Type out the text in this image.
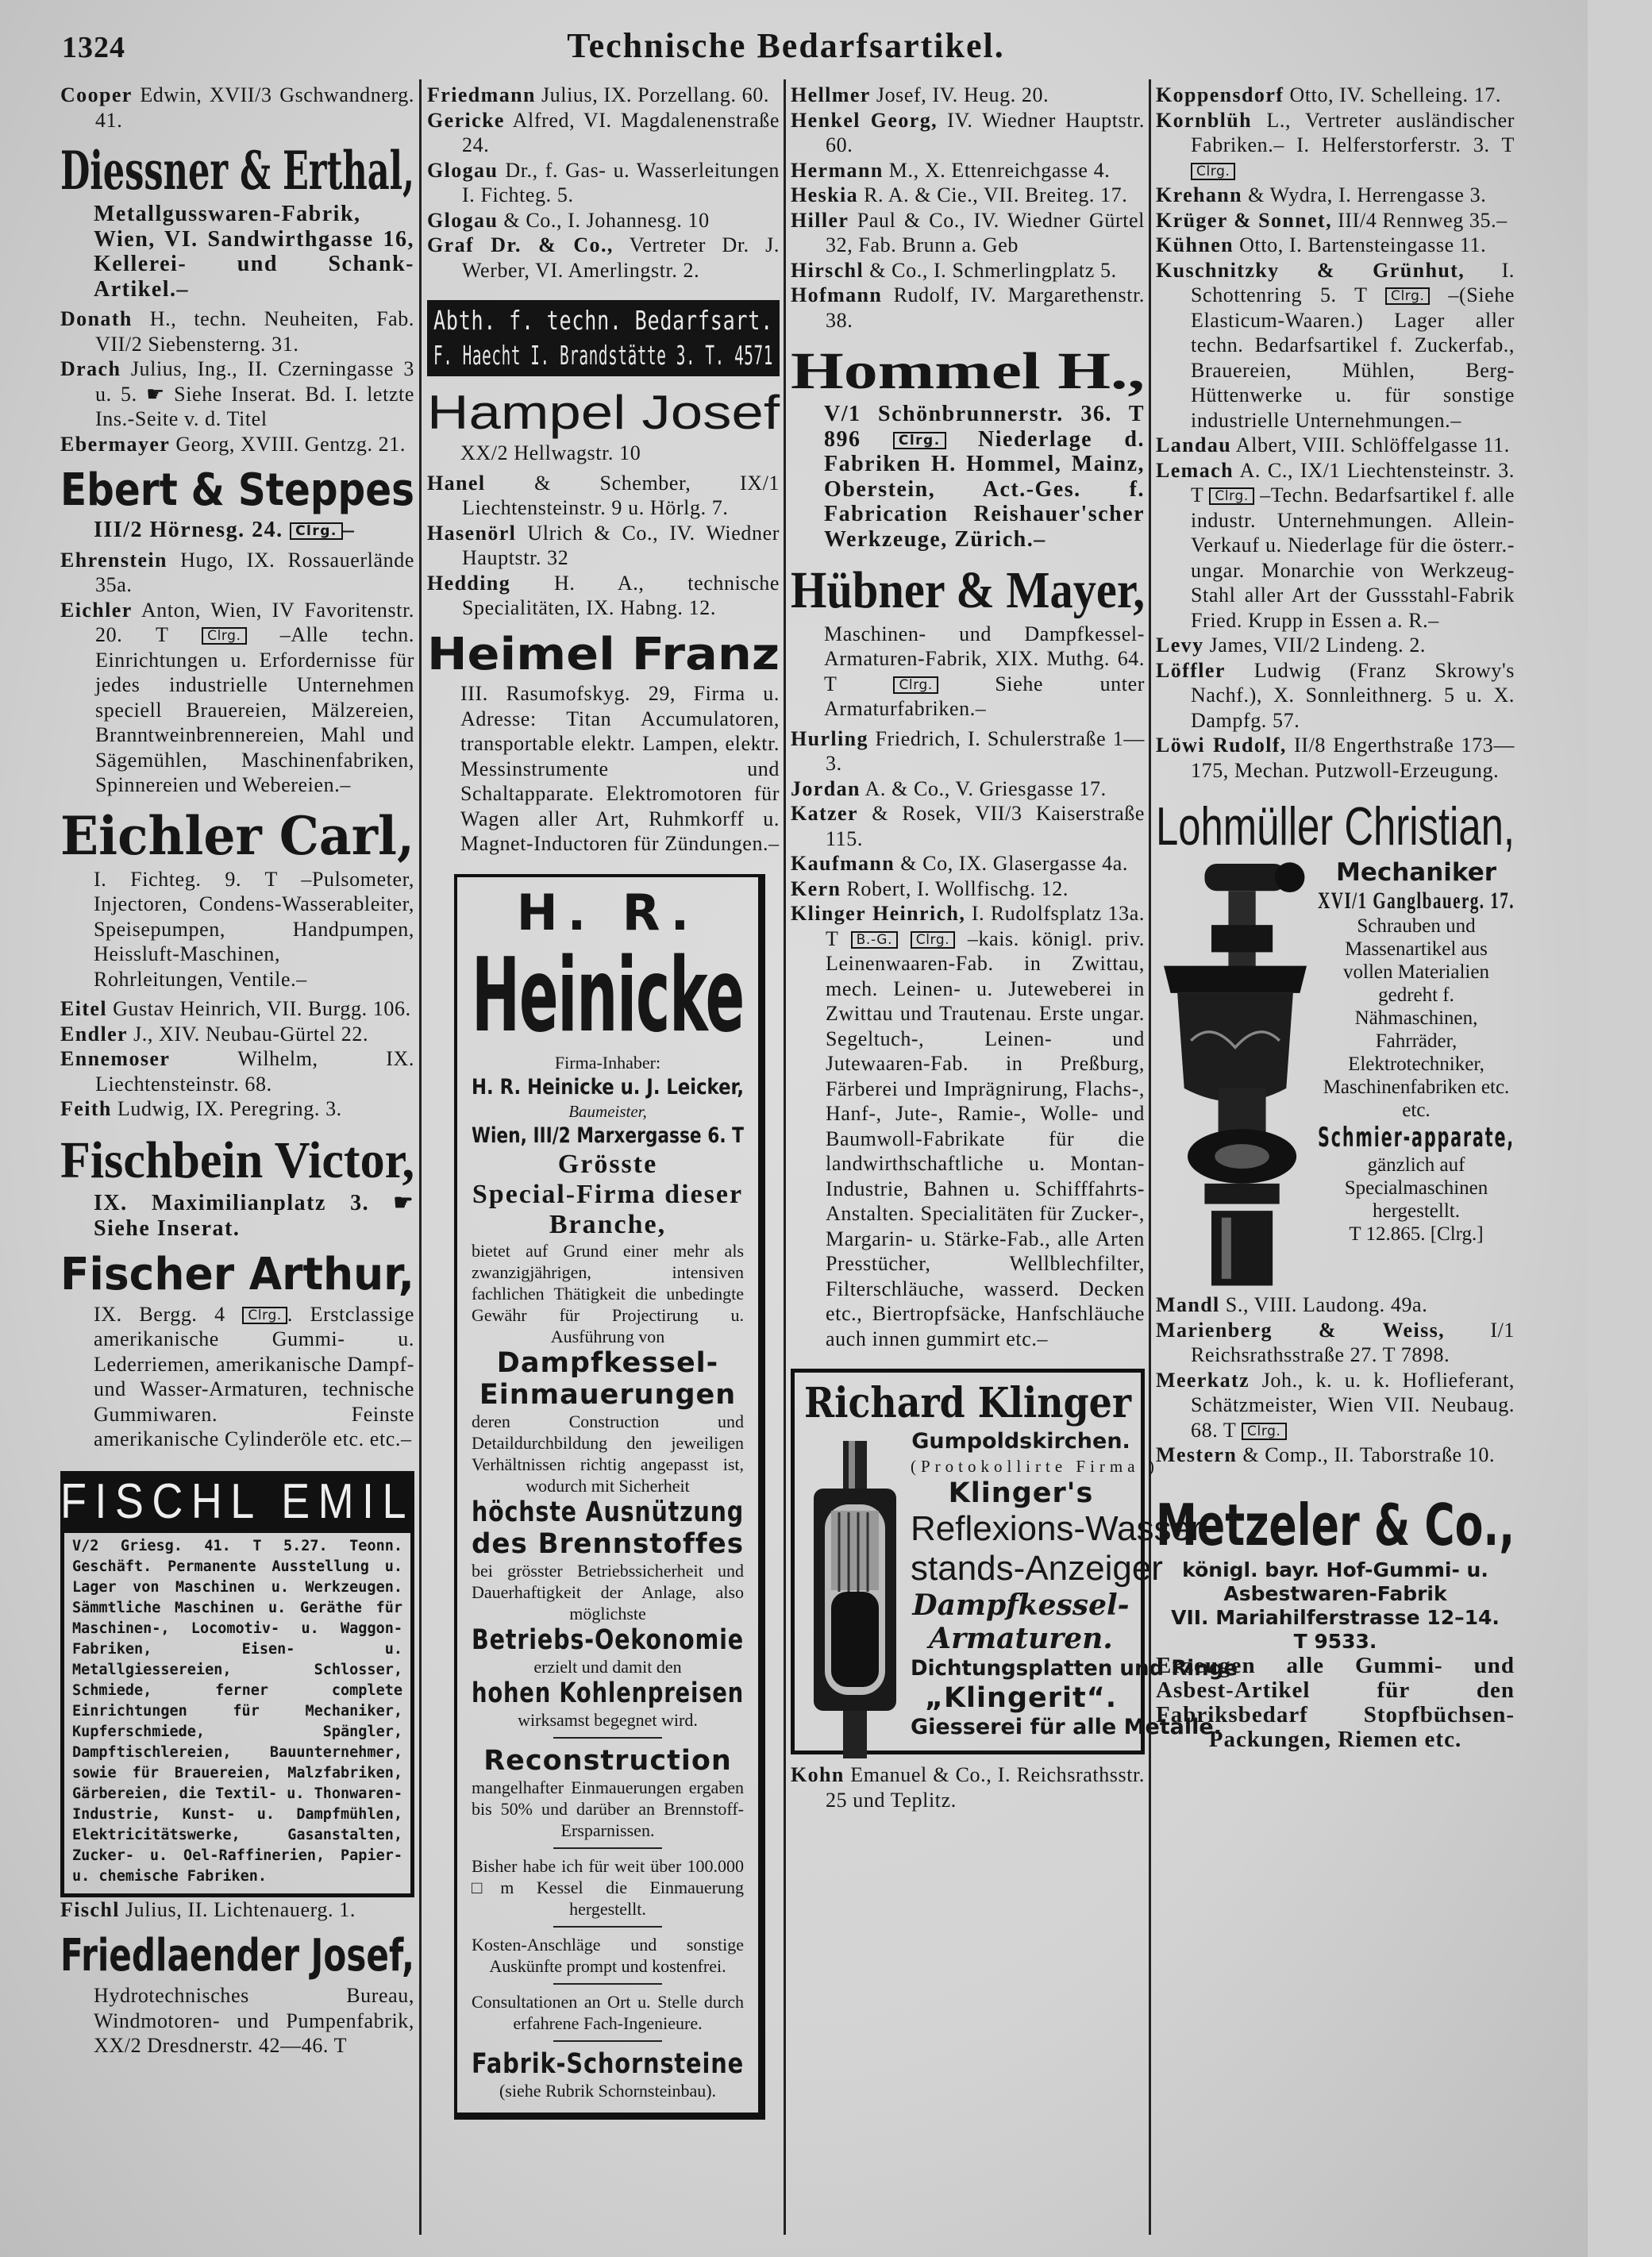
1324	Technische Bedarfsartikel.

Cooper Edwin, XVII/3 Gschwandnerg. 41.

Diessner & Erthal,

Metallgusswaren-Fabrik, Wien, VI. Sandwirthgasse 16, Kellerei- und Schank-Artikel.–

Donath H., techn. Neuheiten, Fab. VII/2 Siebensterng. 31.

Drach Julius, Ing., II. Czerningasse 3 u. 5. ☛ Siehe Inserat. Bd. I. letzte Ins.-Seite v. d. Titel

Ebermayer Georg, XVIII. Gentzg. 21.

Ebert & Steppes

III/2 Hörnesg. 24. Clrg. –

Ehrenstein Hugo, IX. Rossauerlände 35a.

Eichler Anton, Wien, IV Favoritenstr. 20. T Clrg. –Alle techn. Einrichtungen u. Erfordernisse für jedes industrielle Unternehmen speciell Brauereien, Mälzereien, Branntweinbrennereien, Mahl und Sägemühlen, Maschinenfabriken, Spinnereien und Webereien.–

Eichler Carl,

I. Fichteg. 9. T –Pulsometer, Injectoren, Condens-Wasserableiter, Speisepumpen, Handpumpen, Heissluft-Maschinen, Rohrleitungen, Ventile.–

Eitel Gustav Heinrich, VII. Burgg. 106.

Endler J., XIV. Neubau-Gürtel 22.

Ennemoser	Wilhelm, IX. Liechtensteinstr. 68.

Feith Ludwig, IX. Peregring. 3.

Fischbein Victor,

IX. Maximilianplatz 3. ☛ Siehe Inserat.

Fischer Arthur,

IX. Bergg. 4 Clrg. . Erstclassige amerikanische Gummi- u. Lederriemen, amerikanische Dampf- und Wasser-Armaturen, technische Gummiwaren. Feinste amerikanische Cylinderöle etc. etc.–

FISCHL EMIL
V/2 Griesg. 41. T 5.27. Teonn. Geschäft. Permanente Ausstellung u. Lager von Maschinen u. Werkzeugen. Sämmtliche Maschinen u. Geräthe für Maschinen-, Locomotiv- u. Waggon-Fabriken, Eisen- u. Metallgiessereien, Schlosser, Schmiede, ferner complete Einrichtungen für Mechaniker, Kupferschmiede, Spängler, Dampftischlereien, Bauunternehmer, sowie für Brauereien, Malzfabriken, Gärbereien, die Textil- u. Thonwaren-Industrie, Kunst- u. Dampfmühlen, Elektricitätswerke, Gasanstalten, Zucker- u. Oel-Raffinerien, Papier- u. chemische Fabriken.

Fischl Julius, II. Lichtenauerg. 1.

Friedlaender Josef,

Hydrotechnisches Bureau, Windmotoren- und Pumpenfabrik, XX/2 Dresdnerstr. 42—46. T

Friedmann Julius, IX. Porzellang. 60.

Gericke Alfred, VI. Magdalenenstraße 24.

Glogau Dr., f. Gas- u. Wasserleitungen I. Fichteg. 5.

Glogau & Co., I. Johannesg. 10

Graf Dr. & Co., Vertreter Dr. J. Werber, VI. Amerlingstr. 2.

Abth. f. techn. Bedarfsart.
F. Haecht I. Brandstätte 3. T. 4571
Hampel Josef

XX/2 Hellwagstr. 10

Hanel & Schember, IX/1 Liechtensteinstr. 9 u. Hörlg. 7.

Hasenörl Ulrich & Co., IV. Wiedner Hauptstr. 32

Hedding H. A., technische Specialitäten, IX. Habng. 12.

Heimel Franz

III. Rasumofskyg. 29, Firma u. Adresse: Titan Accumulatoren, transportable elektr. Lampen, elektr. Messinstrumente und Schaltapparate. Elektromotoren für Wagen aller Art, Ruhmkorff u. Magnet-Inductoren für Zündungen.–

H. R.
Heinicke
Firma-Inhaber:
H. R. Heinicke u. J. Leicker,
Baumeister,
Wien, III/2 Marxergasse 6. T
Grösste
Special-Firma dieser
Branche,
bietet auf Grund einer mehr als zwanzigjährigen, intensiven fachlichen Thätigkeit die unbedingte Gewähr für Projectirung u. Ausführung von
Dampfkessel-
Einmauerungen
deren Construction und Detaildurchbildung den jeweiligen Verhältnissen richtig angepasst ist, wodurch mit Sicherheit
höchste Ausnützung
des Brennstoffes
bei grösster Betriebssicherheit und Dauerhaftigkeit der Anlage, also möglichste
Betriebs-Oekonomie
erzielt und damit den
hohen Kohlenpreisen
wirksamst begegnet wird.
Reconstruction
mangelhafter Einmauerungen ergaben bis 50% und darüber an Brennstoff-Ersparnissen.
Bisher habe ich für weit über 100.000 □m Kessel die Einmauerung hergestellt.
Kosten-Anschläge und sonstige Auskünfte prompt und kostenfrei.
Consultationen an Ort u. Stelle durch erfahrene Fach-Ingenieure.
Fabrik-Schornsteine
(siehe Rubrik Schornsteinbau).

Hellmer Josef, IV. Heug. 20.

Henkel Georg, IV. Wiedner Hauptstr. 60.

Hermann M., X. Ettenreichgasse 4.

Heskia R. A. & Cie., VII. Breiteg. 17.

Hiller Paul & Co., IV. Wiedner Gürtel 32, Fab. Brunn a. Geb

Hirschl & Co., I. Schmerlingplatz 5.

Hofmann Rudolf, IV. Margarethenstr. 38.

Hommel H.,

V/1 Schönbrunnerstr. 36. T 896 Clrg. Niederlage d. Fabriken H. Hommel, Mainz, Oberstein, Act.-Ges. f. Fabrication Reishauer'scher Werkzeuge, Zürich.–

Hübner & Mayer,

Maschinen- und Dampfkessel-Armaturen-Fabrik, XIX. Muthg. 64. T Clrg. Siehe unter Armaturfabriken.–

Hurling Friedrich, I. Schulerstraße 1—3.

Jordan A. & Co., V. Griesgasse 17.

Katzer & Rosek, VII/3 Kaiserstraße 115.

Kaufmann & Co, IX. Glasergasse 4a.

Kern Robert, I. Wollfischg. 12.

Klinger Heinrich, I. Rudolfsplatz 13a. T B.-G. Clrg. –kais. königl. priv. Leinenwaaren-Fab. in Zwittau, mech. Leinen- u. Juteweberei in Zwittau und Trautenau. Erste ungar. Segeltuch-, Leinen- und Jutewaaren-Fab. in Preßburg, Färberei und Imprägnirung, Flachs-, Hanf-, Jute-, Ramie-, Wolle- und Baumwoll-Fabrikate für die landwirthschaftliche u. Montan-Industrie, Bahnen u. Schifffahrts-Anstalten. Specialitäten für Zucker-, Margarin- u. Stärke-Fab., alle Arten Presstücher, Wellblechfilter, Filterschläuche, wasserd. Decken etc., Biertropfsäcke, Hanfschläuche auch innen gummirt etc.–

Richard Klinger
Gumpoldskirchen.
(Protokollirte Firma.)
Klinger's
Reflexions-Wasser-
stands-Anzeiger
Dampfkessel-
Armaturen.
Dichtungsplatten und Ringe
„Klingerit“.
Giesserei für alle Metalle.

Kohn Emanuel & Co., I. Reichsrathsstr. 25 und Teplitz.

Koppensdorf Otto, IV. Schelleing. 17.

Kornblüh L., Vertreter ausländischer Fabriken.– I. Helferstorferstr. 3. T Clrg.

Krehann & Wydra, I. Herrengasse 3.

Krüger & Sonnet, III/4 Rennweg 35.–

Kühnen Otto, I. Bartensteingasse 11.

Kuschnitzky & Grünhut, I. Schottenring 5. T Clrg. –(Siehe Elasticum-Waaren.) Lager aller techn. Bedarfsartikel f. Zuckerfab., Brauereien, Mühlen, Berg-Hüttenwerke u. für sonstige industrielle Unternehmungen.–

Landau Albert, VIII. Schlöffelgasse 11.

Lemach A. C., IX/1 Liechtensteinstr. 3. T Clrg. –Techn. Bedarfsartikel f. alle industr. Unternehmungen. Allein-Verkauf u. Niederlage für die österr.-ungar. Monarchie von Werkzeug-Stahl aller Art der Gussstahl-Fabrik Fried. Krupp in Essen a. R.–

Levy James, VII/2 Lindeng. 2.

Löffler Ludwig (Franz Skrowy's Nachf.), X. Sonnleithnerg. 5 u. X. Dampfg. 57.

Löwi Rudolf, II/8 Engerthstraße 173—175, Mechan. Putzwoll-Erzeugung.

Lohmüller Christian,
Mechaniker
XVI/1 Ganglbauerg. 17.
Schrauben und Massenartikel aus vollen Materialien gedreht f. Nähmaschinen, Fahrräder, Elektrotechniker, Maschinenfabriken etc. etc.
Schmier-apparate,
gänzlich auf Specialmaschinen hergestellt.
T 12.865. [Clrg.]

Mandl S., VIII. Laudong. 49a.

Marienberg & Weiss, I/1 Reichsrathsstraße 27. T 7898.

Meerkatz Joh., k. u. k. Hoflieferant, Schätzmeister, Wien VII. Neubaug. 68. T Clrg.

Mestern & Comp., II. Taborstraße 10.

Metzeler & Co.,
königl. bayr. Hof-Gummi- u. Asbestwaren-Fabrik
VII. Mariahilferstrasse 12–14.
T 9533.
Erzeugen alle Gummi- und Asbest-Artikel für den Fabriksbedarf Stopfbüchsen-Packungen, Riemen etc.
